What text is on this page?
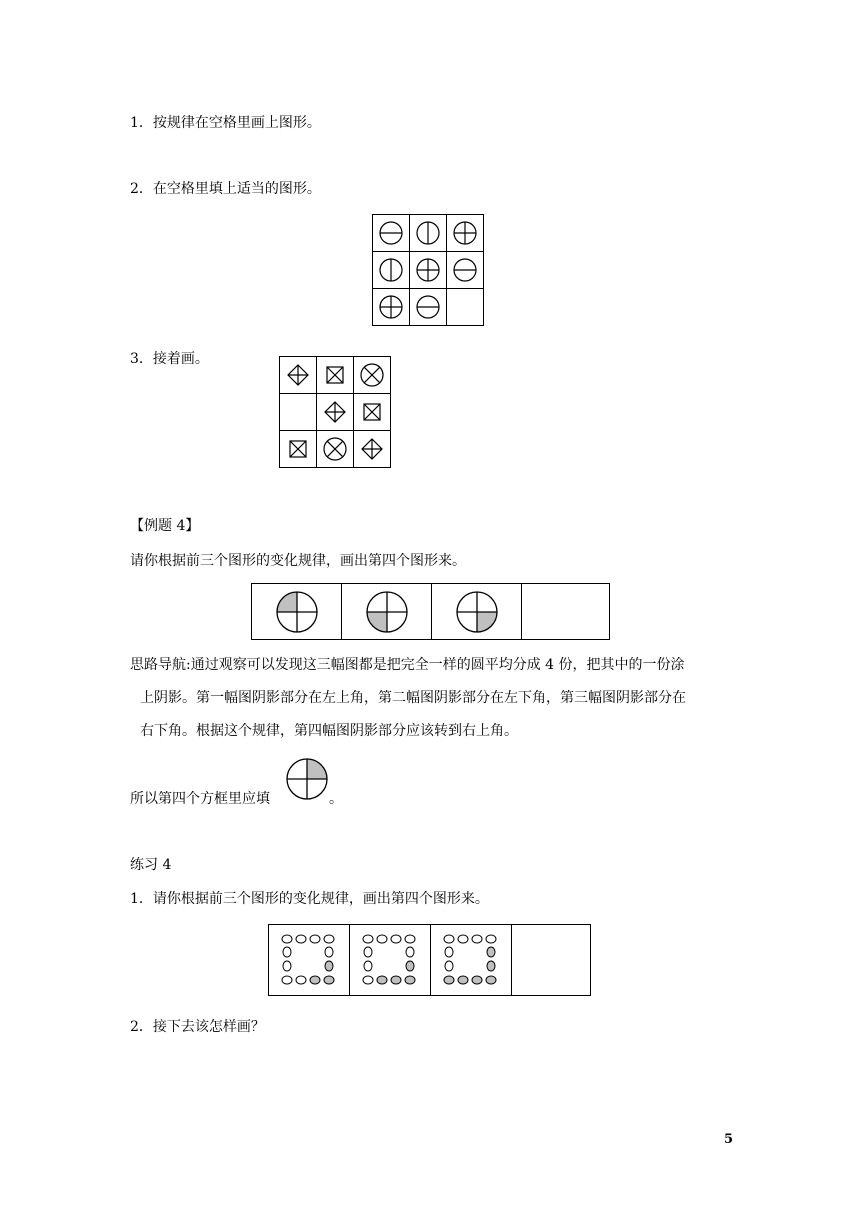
1．按规律在空格里画上图形。
2．在空格里填上适当的图形。

3．接着画。

【例题 4】
请你根据前三个图形的变化规律，画出第四个图形来。
思路导航:通过观察可以发现这三幅图都是把完全一样的圆平均分成 4 份，把其中的一份涂
上阴影。第一幅图阴影部分在左上角，第二幅图阴影部分在左下角，第三幅图阴影部分在
右下角。根据这个规律，第四幅图阴影部分应该转到右上角。
所以第四个方框里应填	。
练习 4
1．请你根据前三个图形的变化规律，画出第四个图形来。
2．接下去该怎样画？
5
